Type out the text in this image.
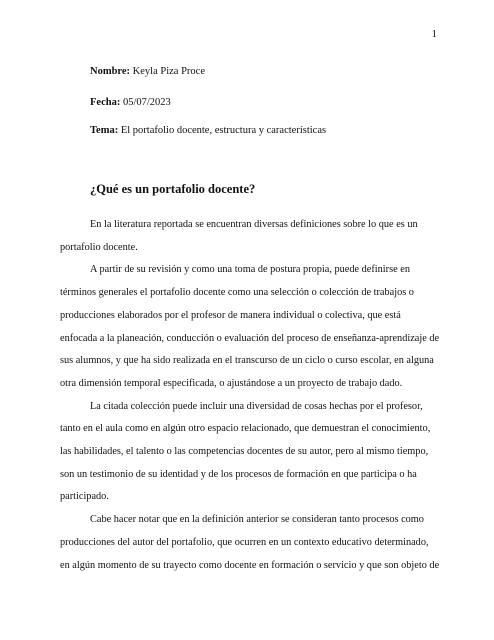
1
Nombre: Keyla Piza Proce
Fecha: 05/07/2023
Tema: El portafolio docente, estructura y características
¿Qué es un portafolio docente?

En la literatura reportada se encuentran diversas definiciones sobre lo que es un portafolio docente.

A partir de su revisión y como una toma de postura propia, puede definirse en términos generales el portafolio docente como una selección o colección de trabajos o producciones elaborados por el profesor de manera individual o colectiva, que está enfocada a la planeación, conducción o evaluación del proceso de enseñanza-aprendizaje de sus alumnos, y que ha sido realizada en el transcurso de un ciclo o curso escolar, en alguna otra dimensión temporal especificada, o ajustándose a un proyecto de trabajo dado.

La citada colección puede incluir una diversidad de cosas hechas por el profesor, tanto en el aula como en algún otro espacio relacionado, que demuestran el conocimiento, las habilidades, el talento o las competencias docentes de su autor, pero al mismo tiempo, son un testimonio de su identidad y de los procesos de formación en que participa o ha participado.

Cabe hacer notar que en la definición anterior se consideran tanto procesos como producciones del autor del portafolio, que ocurren en un contexto educativo determinado, en algún momento de su trayecto como docente en formación o servicio y que son objeto de
